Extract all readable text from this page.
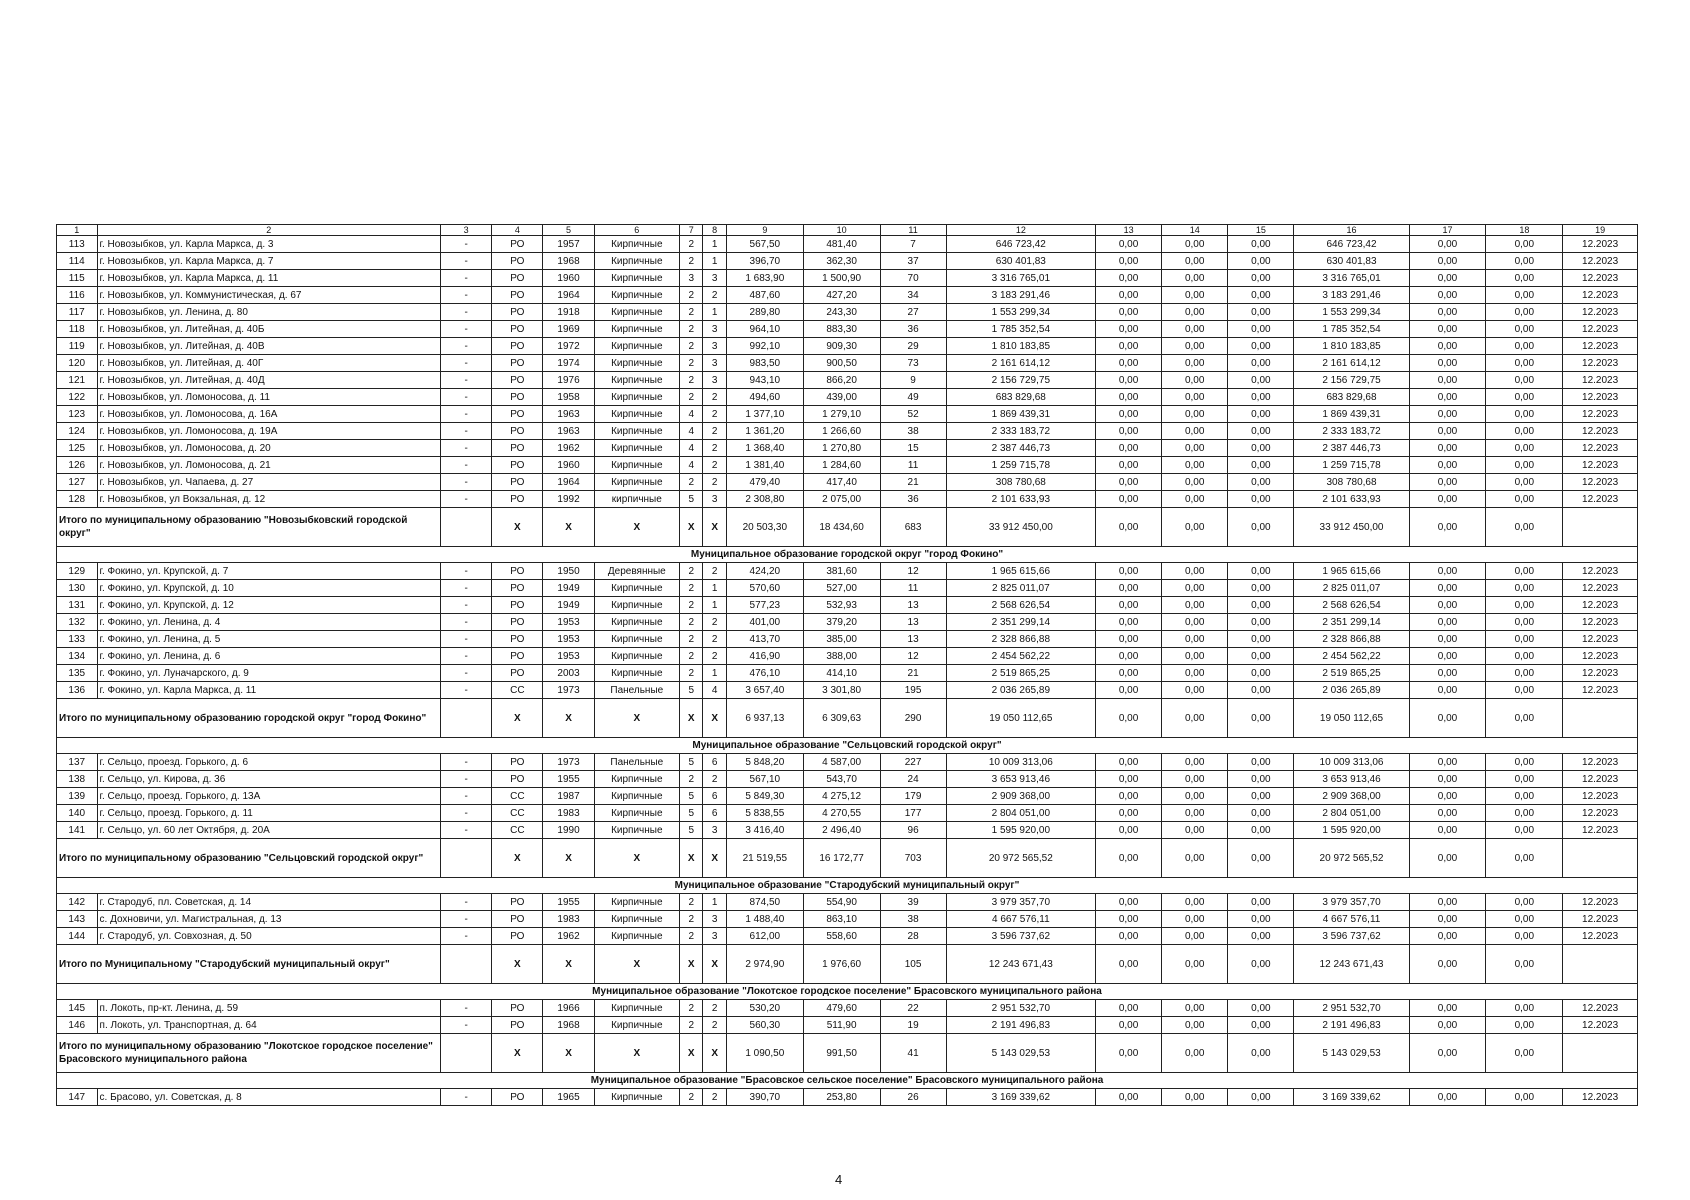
1	2	3	4	5	6	7	8	9	10	11	12	13	14	15	16	17	18	19
113	г. Новозыбков, ул. Карла Маркса, д. 3	-	РО	1957	Кирпичные	2	1	567,50	481,40	7	646 723,42	0,00	0,00	0,00	646 723,42	0,00	0,00	12.2023
114	г. Новозыбков, ул. Карла Маркса, д. 7	-	РО	1968	Кирпичные	2	1	396,70	362,30	37	630 401,83	0,00	0,00	0,00	630 401,83	0,00	0,00	12.2023
115	г. Новозыбков, ул. Карла Маркса, д. 11	-	РО	1960	Кирпичные	3	3	1 683,90	1 500,90	70	3 316 765,01	0,00	0,00	0,00	3 316 765,01	0,00	0,00	12.2023
116	г. Новозыбков, ул. Коммунистическая, д. 67	-	РО	1964	Кирпичные	2	2	487,60	427,20	34	3 183 291,46	0,00	0,00	0,00	3 183 291,46	0,00	0,00	12.2023
117	г. Новозыбков, ул. Ленина, д. 80	-	РО	1918	Кирпичные	2	1	289,80	243,30	27	1 553 299,34	0,00	0,00	0,00	1 553 299,34	0,00	0,00	12.2023
118	г. Новозыбков, ул. Литейная, д. 40Б	-	РО	1969	Кирпичные	2	3	964,10	883,30	36	1 785 352,54	0,00	0,00	0,00	1 785 352,54	0,00	0,00	12.2023
119	г. Новозыбков, ул. Литейная, д. 40В	-	РО	1972	Кирпичные	2	3	992,10	909,30	29	1 810 183,85	0,00	0,00	0,00	1 810 183,85	0,00	0,00	12.2023
120	г. Новозыбков, ул. Литейная, д. 40Г	-	РО	1974	Кирпичные	2	3	983,50	900,50	73	2 161 614,12	0,00	0,00	0,00	2 161 614,12	0,00	0,00	12.2023
121	г. Новозыбков, ул. Литейная, д. 40Д	-	РО	1976	Кирпичные	2	3	943,10	866,20	9	2 156 729,75	0,00	0,00	0,00	2 156 729,75	0,00	0,00	12.2023
122	г. Новозыбков, ул. Ломоносова, д. 11	-	РО	1958	Кирпичные	2	2	494,60	439,00	49	683 829,68	0,00	0,00	0,00	683 829,68	0,00	0,00	12.2023
123	г. Новозыбков, ул. Ломоносова, д. 16А	-	РО	1963	Кирпичные	4	2	1 377,10	1 279,10	52	1 869 439,31	0,00	0,00	0,00	1 869 439,31	0,00	0,00	12.2023
124	г. Новозыбков, ул. Ломоносова, д. 19А	-	РО	1963	Кирпичные	4	2	1 361,20	1 266,60	38	2 333 183,72	0,00	0,00	0,00	2 333 183,72	0,00	0,00	12.2023
125	г. Новозыбков, ул. Ломоносова, д. 20	-	РО	1962	Кирпичные	4	2	1 368,40	1 270,80	15	2 387 446,73	0,00	0,00	0,00	2 387 446,73	0,00	0,00	12.2023
126	г. Новозыбков, ул. Ломоносова, д. 21	-	РО	1960	Кирпичные	4	2	1 381,40	1 284,60	11	1 259 715,78	0,00	0,00	0,00	1 259 715,78	0,00	0,00	12.2023
127	г. Новозыбков, ул. Чапаева, д. 27	-	РО	1964	Кирпичные	2	2	479,40	417,40	21	308 780,68	0,00	0,00	0,00	308 780,68	0,00	0,00	12.2023
128	г. Новозыбков, ул Вокзальная, д. 12	-	РО	1992	кирпичные	5	3	2 308,80	2 075,00	36	2 101 633,93	0,00	0,00	0,00	2 101 633,93	0,00	0,00	12.2023
Итого по муниципальному образованию "Новозыбковский городской округ"			X	X	X	X	X	20 503,30	18 434,60	683	33 912 450,00	0,00	0,00	0,00	33 912 450,00	0,00	0,00	
Муниципальное образование городской округ "город Фокино"																		
129	г. Фокино, ул. Крупской, д. 7	-	РО	1950	Деревянные	2	2	424,20	381,60	12	1 965 615,66	0,00	0,00	0,00	1 965 615,66	0,00	0,00	12.2023
130	г. Фокино, ул. Крупской, д. 10	-	РО	1949	Кирпичные	2	1	570,60	527,00	11	2 825 011,07	0,00	0,00	0,00	2 825 011,07	0,00	0,00	12.2023
131	г. Фокино, ул. Крупской, д. 12	-	РО	1949	Кирпичные	2	1	577,23	532,93	13	2 568 626,54	0,00	0,00	0,00	2 568 626,54	0,00	0,00	12.2023
132	г. Фокино, ул. Ленина, д. 4	-	РО	1953	Кирпичные	2	2	401,00	379,20	13	2 351 299,14	0,00	0,00	0,00	2 351 299,14	0,00	0,00	12.2023
133	г. Фокино, ул. Ленина, д. 5	-	РО	1953	Кирпичные	2	2	413,70	385,00	13	2 328 866,88	0,00	0,00	0,00	2 328 866,88	0,00	0,00	12.2023
134	г. Фокино, ул. Ленина, д. 6	-	РО	1953	Кирпичные	2	2	416,90	388,00	12	2 454 562,22	0,00	0,00	0,00	2 454 562,22	0,00	0,00	12.2023
135	г. Фокино, ул. Луначарского, д. 9	-	РО	2003	Кирпичные	2	1	476,10	414,10	21	2 519 865,25	0,00	0,00	0,00	2 519 865,25	0,00	0,00	12.2023
136	г. Фокино, ул. Карла Маркса, д. 11	-	СС	1973	Панельные	5	4	3 657,40	3 301,80	195	2 036 265,89	0,00	0,00	0,00	2 036 265,89	0,00	0,00	12.2023
Итого по муниципальному образованию городской округ "город Фокино"			X	X	X	X	X	6 937,13	6 309,63	290	19 050 112,65	0,00	0,00	0,00	19 050 112,65	0,00	0,00	
Муниципальное образование "Сельцовский городской округ"																		
137	г. Сельцо, проезд. Горького, д. 6	-	РО	1973	Панельные	5	6	5 848,20	4 587,00	227	10 009 313,06	0,00	0,00	0,00	10 009 313,06	0,00	0,00	12.2023
138	г. Сельцо, ул. Кирова, д. 36	-	РО	1955	Кирпичные	2	2	567,10	543,70	24	3 653 913,46	0,00	0,00	0,00	3 653 913,46	0,00	0,00	12.2023
139	г. Сельцо, проезд. Горького, д. 13А	-	СС	1987	Кирпичные	5	6	5 849,30	4 275,12	179	2 909 368,00	0,00	0,00	0,00	2 909 368,00	0,00	0,00	12.2023
140	г. Сельцо, проезд. Горького, д. 11	-	СС	1983	Кирпичные	5	6	5 838,55	4 270,55	177	2 804 051,00	0,00	0,00	0,00	2 804 051,00	0,00	0,00	12.2023
141	г. Сельцо, ул. 60 лет Октября, д. 20А	-	СС	1990	Кирпичные	5	3	3 416,40	2 496,40	96	1 595 920,00	0,00	0,00	0,00	1 595 920,00	0,00	0,00	12.2023
Итого по муниципальному образованию "Сельцовский городской округ"			X	X	X	X	X	21 519,55	16 172,77	703	20 972 565,52	0,00	0,00	0,00	20 972 565,52	0,00	0,00	
Муниципальное образование "Стародубский муниципальный округ"																		
142	г. Стародуб, пл. Советская, д. 14	-	РО	1955	Кирпичные	2	1	874,50	554,90	39	3 979 357,70	0,00	0,00	0,00	3 979 357,70	0,00	0,00	12.2023
143	с. Дохновичи, ул. Магистральная, д. 13	-	РО	1983	Кирпичные	2	3	1 488,40	863,10	38	4 667 576,11	0,00	0,00	0,00	4 667 576,11	0,00	0,00	12.2023
144	г. Стародуб, ул. Совхозная, д. 50	-	РО	1962	Кирпичные	2	3	612,00	558,60	28	3 596 737,62	0,00	0,00	0,00	3 596 737,62	0,00	0,00	12.2023
Итого по Муниципальному "Стародубский муниципальный округ"			X	X	X	X	X	2 974,90	1 976,60	105	12 243 671,43	0,00	0,00	0,00	12 243 671,43	0,00	0,00	
Муниципальное образование "Локотское городское поселение" Брасовского муниципального района																		
145	п. Локоть, пр-кт. Ленина, д. 59	-	РО	1966	Кирпичные	2	2	530,20	479,60	22	2 951 532,70	0,00	0,00	0,00	2 951 532,70	0,00	0,00	12.2023
146	п. Локоть, ул. Транспортная, д. 64	-	РО	1968	Кирпичные	2	2	560,30	511,90	19	2 191 496,83	0,00	0,00	0,00	2 191 496,83	0,00	0,00	12.2023
Итого по муниципальному образованию "Локотское городское поселение" Брасовского муниципального района			X	X	X	X	X	1 090,50	991,50	41	5 143 029,53	0,00	0,00	0,00	5 143 029,53	0,00	0,00	
Муниципальное образование "Брасовское сельское поселение" Брасовского муниципального района																		
147	с. Брасово, ул. Советская, д. 8	-	РО	1965	Кирпичные	2	2	390,70	253,80	26	3 169 339,62	0,00	0,00	0,00	3 169 339,62	0,00	0,00	12.2023
4
